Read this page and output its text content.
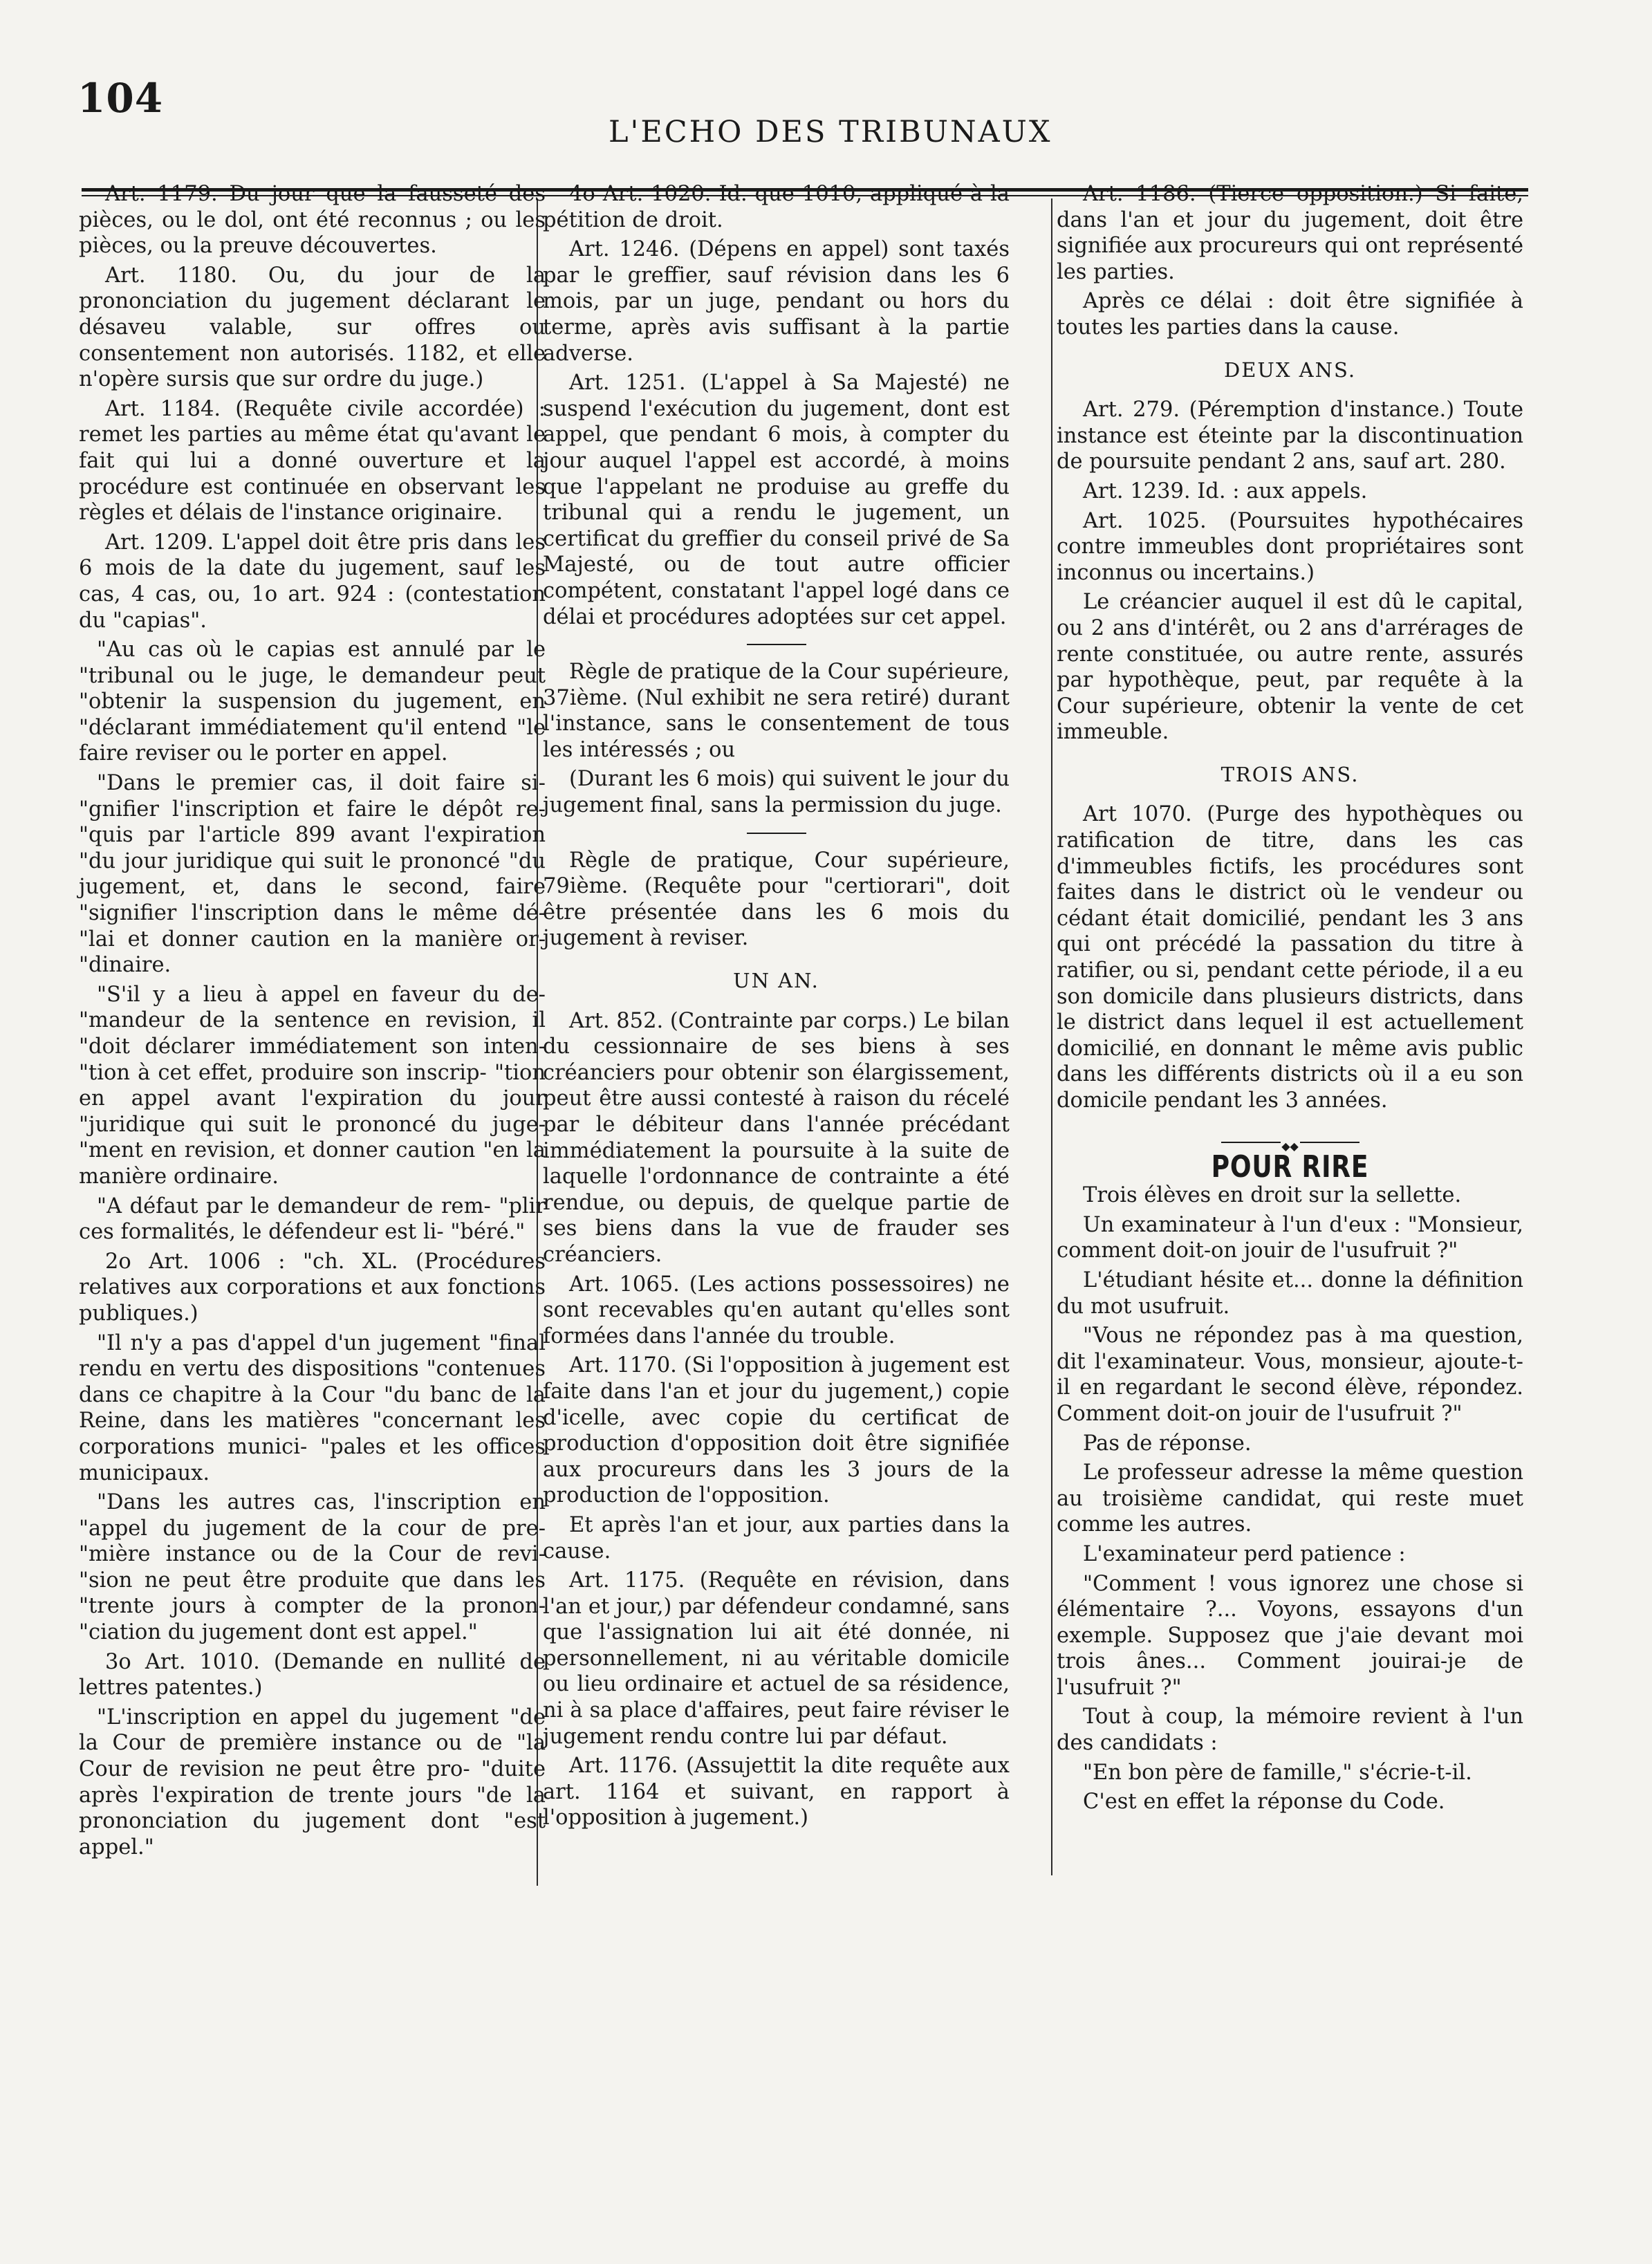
104
L'ECHO DES TRIBUNAUX

Art. 1179. Du jour que la fausseté des pièces, ou le dol, ont été reconnus ; ou les pièces, ou la preuve découvertes.

Art. 1180. Ou, du jour de la prononciation du jugement déclarant le désaveu valable, sur offres ou consentement non autorisés. 1182, et elle n'opère sursis que sur ordre du juge.)

Art. 1184. (Requête civile accordée) : remet les parties au même état qu'avant le fait qui lui a donné ouverture et la procédure est continuée en observant les règles et délais de l'instance originaire.

Art. 1209. L'appel doit être pris dans les 6 mois de la date du jugement, sauf les cas, 4 cas, ou, 1o art. 924 : (contestation du "capias".

"Au cas où le capias est annulé par le "tribunal ou le juge, le demandeur peut "obtenir la suspension du jugement, en "déclarant immédiatement qu'il entend "le faire reviser ou le porter en appel.

"Dans le premier cas, il doit faire si- "gnifier l'inscription et faire le dépôt re- "quis par l'article 899 avant l'expiration "du jour juridique qui suit le prononcé "du jugement, et, dans le second, faire "signifier l'inscription dans le même dé- "lai et donner caution en la manière or- "dinaire.

"S'il y a lieu à appel en faveur du de- "mandeur de la sentence en revision, il "doit déclarer immédiatement son inten- "tion à cet effet, produire son inscrip- "tion en appel avant l'expiration du jour "juridique qui suit le prononcé du juge- "ment en revision, et donner caution "en la manière ordinaire.

"A défaut par le demandeur de rem- "plir ces formalités, le défendeur est li- "béré."

2o Art. 1006 : "ch. XL. (Procédures relatives aux corporations et aux fonctions publiques.)

"Il n'y a pas d'appel d'un jugement "final rendu en vertu des dispositions "contenues dans ce chapitre à la Cour "du banc de la Reine, dans les matières "concernant les corporations munici- "pales et les offices municipaux.

"Dans les autres cas, l'inscription en "appel du jugement de la cour de pre- "mière instance ou de la Cour de revi- "sion ne peut être produite que dans les "trente jours à compter de la pronon- "ciation du jugement dont est appel."

3o Art. 1010. (Demande en nullité de lettres patentes.)

"L'inscription en appel du jugement "de la Cour de première instance ou de "la Cour de revision ne peut être pro- "duite après l'expiration de trente jours "de la prononciation du jugement dont "est appel."

4o Art. 1020. Id. que 1010, appliqué à la pétition de droit.

Art. 1246. (Dépens en appel) sont taxés par le greffier, sauf révision dans les 6 mois, par un juge, pendant ou hors du terme, après avis suffisant à la partie adverse.

Art. 1251. (L'appel à Sa Majesté) ne suspend l'exécution du jugement, dont est appel, que pendant 6 mois, à compter du jour auquel l'appel est accordé, à moins que l'appelant ne produise au greffe du tribunal qui a rendu le jugement, un certificat du greffier du conseil privé de Sa Majesté, ou de tout autre officier compétent, constatant l'appel logé dans ce délai et procédures adoptées sur cet appel.

Règle de pratique de la Cour supérieure, 37ième. (Nul exhibit ne sera retiré) durant l'instance, sans le consentement de tous les intéressés ; ou

(Durant les 6 mois) qui suivent le jour du jugement final, sans la permission du juge.

Règle de pratique, Cour supérieure, 79ième. (Requête pour "certiorari", doit être présentée dans les 6 mois du jugement à reviser.

UN AN.

Art. 852. (Contrainte par corps.) Le bilan du cessionnaire de ses biens à ses créanciers pour obtenir son élargissement, peut être aussi contesté à raison du récelé par le débiteur dans l'année précédant immédiatement la poursuite à la suite de laquelle l'ordonnance de contrainte a été rendue, ou depuis, de quelque partie de ses biens dans la vue de frauder ses créanciers.

Art. 1065. (Les actions possessoires) ne sont recevables qu'en autant qu'elles sont formées dans l'année du trouble.

Art. 1170. (Si l'opposition à jugement est faite dans l'an et jour du jugement,) copie d'icelle, avec copie du certificat de production d'opposition doit être signifiée aux procureurs dans les 3 jours de la production de l'opposition.

Et après l'an et jour, aux parties dans la cause.

Art. 1175. (Requête en révision, dans l'an et jour,) par défendeur condamné, sans que l'assignation lui ait été donnée, ni personnellement, ni au véritable domicile ou lieu ordinaire et actuel de sa résidence, ni à sa place d'affaires, peut faire réviser le jugement rendu contre lui par défaut.

Art. 1176. (Assujettit la dite requête aux art. 1164 et suivant, en rapport à l'opposition à jugement.)

Art. 1186. (Tierce opposition.) Si faite, dans l'an et jour du jugement, doit être signifiée aux procureurs qui ont représenté les parties.

Après ce délai : doit être signifiée à toutes les parties dans la cause.

DEUX ANS.

Art. 279. (Péremption d'instance.) Toute instance est éteinte par la discontinuation de poursuite pendant 2 ans, sauf art. 280.

Art. 1239. Id. : aux appels.

Art. 1025. (Poursuites hypothécaires contre immeubles dont propriétaires sont inconnus ou incertains.)

Le créancier auquel il est dû le capital, ou 2 ans d'intérêt, ou 2 ans d'arrérages de rente constituée, ou autre rente, assurés par hypothèque, peut, par requête à la Cour supérieure, obtenir la vente de cet immeuble.

TROIS ANS.

Art 1070. (Purge des hypothèques ou ratification de titre, dans les cas d'immeubles fictifs, les procédures sont faites dans le district où le vendeur ou cédant était domicilié, pendant les 3 ans qui ont précédé la passation du titre à ratifier, ou si, pendant cette période, il a eu son domicile dans plusieurs districts, dans le district dans lequel il est actuellement domicilié, en donnant le même avis public dans les différents districts où il a eu son domicile pendant les 3 années.

◆◆
POUR RIRE

Trois élèves en droit sur la sellette.

Un examinateur à l'un d'eux : "Monsieur, comment doit-on jouir de l'usufruit ?"

L'étudiant hésite et... donne la définition du mot usufruit.

"Vous ne répondez pas à ma question, dit l'examinateur. Vous, monsieur, ajoute-t-il en regardant le second élève, répondez. Comment doit-on jouir de l'usufruit ?"

Pas de réponse.

Le professeur adresse la même question au troisième candidat, qui reste muet comme les autres.

L'examinateur perd patience :

"Comment ! vous ignorez une chose si élémentaire ?... Voyons, essayons d'un exemple. Supposez que j'aie devant moi trois ânes... Comment jouirai-je de l'usufruit ?"

Tout à coup, la mémoire revient à l'un des candidats :

"En bon père de famille," s'écrie-t-il.

C'est en effet la réponse du Code.
